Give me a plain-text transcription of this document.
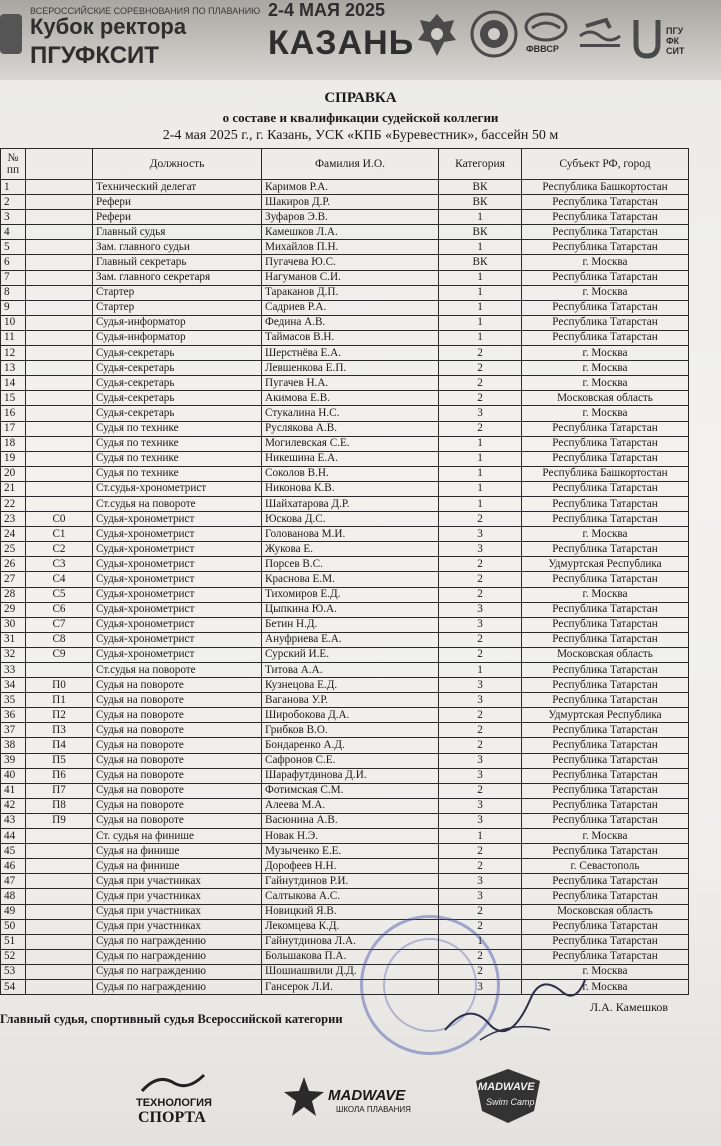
ВСЕРОССИЙСКИЕ СОРЕВНОВАНИЯ ПО ПЛАВАНИЮ
Кубок ректора
ПГУФКСИТ
2-4 МАЯ 2025
КАЗАНЬ	ФВВСР
ПГУ ФК СИТ
СПРАВКА
о составе и квалификации судейской коллегии
2-4 мая 2025 г., г. Казань, УСК «КПБ «Буревестник», бассейн 50 м
№ пп		Должность	Фамилия И.О.	Категория	Субъект РФ, город
1		Технический делегат	Каримов Р.А.	ВК	Республика Башкортостан
2		Рефери	Шакиров Д.Р.	ВК	Республика Татарстан
3		Рефери	Зуфаров Э.В.	1	Республика Татарстан
4		Главный судья	Камешков Л.А.	ВК	Республика Татарстан
5		Зам. главного судьи	Михайлов П.Н.	1	Республика Татарстан
6		Главный секретарь	Пугачева Ю.С.	ВК	г. Москва
7		Зам. главного секретаря	Нагуманов С.И.	1	Республика Татарстан
8		Стартер	Тараканов Д.П.	1	г. Москва
9		Стартер	Садриев Р.А.	1	Республика Татарстан
10		Судья-информатор	Федина А.В.	1	Республика Татарстан
11		Судья-информатор	Таймасов В.Н.	1	Республика Татарстан
12		Судья-секретарь	Шерстнёва Е.А.	2	г. Москва
13		Судья-секретарь	Левшенкова Е.П.	2	г. Москва
14		Судья-секретарь	Пугачев Н.А.	2	г. Москва
15		Судья-секретарь	Акимова Е.В.	2	Московская область
16		Судья-секретарь	Стукалина Н.С.	3	г. Москва
17		Судья по технике	Руслякова А.В.	2	Республика Татарстан
18		Судья по технике	Могилевская С.Е.	1	Республика Татарстан
19		Судья по технике	Никешина Е.А.	1	Республика Татарстан
20		Судья по технике	Соколов В.Н.	1	Республика Башкортостан
21		Ст.судья-хронометрист	Никонова К.В.	1	Республика Татарстан
22		Ст.судья на повороте	Шайхатарова Д.Р.	1	Республика Татарстан
23	С0	Судья-хронометрист	Юскова Д.С.	2	Республика Татарстан
24	С1	Судья-хронометрист	Голованова М.И.	3	г. Москва
25	С2	Судья-хронометрист	Жукова Е.	3	Республика Татарстан
26	С3	Судья-хронометрист	Порсев В.С.	2	Удмуртская Республика
27	С4	Судья-хронометрист	Краснова Е.М.	2	Республика Татарстан
28	С5	Судья-хронометрист	Тихомиров Е.Д.	2	г. Москва
29	С6	Судья-хронометрист	Цыпкина Ю.А.	3	Республика Татарстан
30	С7	Судья-хронометрист	Бетин Н.Д.	3	Республика Татарстан
31	С8	Судья-хронометрист	Ануфриева Е.А.	2	Республика Татарстан
32	С9	Судья-хронометрист	Сурский И.Е.	2	Московская область
33		Ст.судья на повороте	Титова А.А.	1	Республика Татарстан
34	П0	Судья на повороте	Кузнецова Е.Д.	3	Республика Татарстан
35	П1	Судья на повороте	Ваганова У.Р.	3	Республика Татарстан
36	П2	Судья на повороте	Широбокова Д.А.	2	Удмуртская Республика
37	П3	Судья на повороте	Грибков В.О.	2	Республика Татарстан
38	П4	Судья на повороте	Бондаренко А.Д.	2	Республика Татарстан
39	П5	Судья на повороте	Сафронов С.Е.	3	Республика Татарстан
40	П6	Судья на повороте	Шарафутдинова Д.И.	3	Республика Татарстан
41	П7	Судья на повороте	Фотимская С.М.	2	Республика Татарстан
42	П8	Судья на повороте	Алеева М.А.	3	Республика Татарстан
43	П9	Судья на повороте	Васюнина А.В.	3	Республика Татарстан
44		Ст. судья на финише	Новак Н.Э.	1	г. Москва
45		Судья на финише	Музыченко Е.Е.	2	Республика Татарстан
46		Судья на финише	Дорофеев Н.Н.	2	г. Севастополь
47		Судья при участниках	Гайнутдинов Р.И.	3	Республика Татарстан
48		Судья при участниках	Салтыкова А.С.	3	Республика Татарстан
49		Судья при участниках	Новицкий Я.В.	2	Московская область
50		Судья при участниках	Лекомцева К.Д.	2	Республика Татарстан
51		Судья по награждению	Гайнутдинова Л.А.	1	Республика Татарстан
52		Судья по награждению	Большакова П.А.	2	Республика Татарстан
53		Судья по награждению	Шошиашвили Д.Д.	2	г. Москва
54		Судья по награждению	Гансерок Л.И.	3	г. Москва
Главный судья, спортивный судья Всероссийской категории
Л.А. Камешков
ТЕХНОЛОГИЯ
СПОРТА
MADWAVE
ШКОЛА ПЛАВАНИЯ
MADWAVE
Swim Camp
